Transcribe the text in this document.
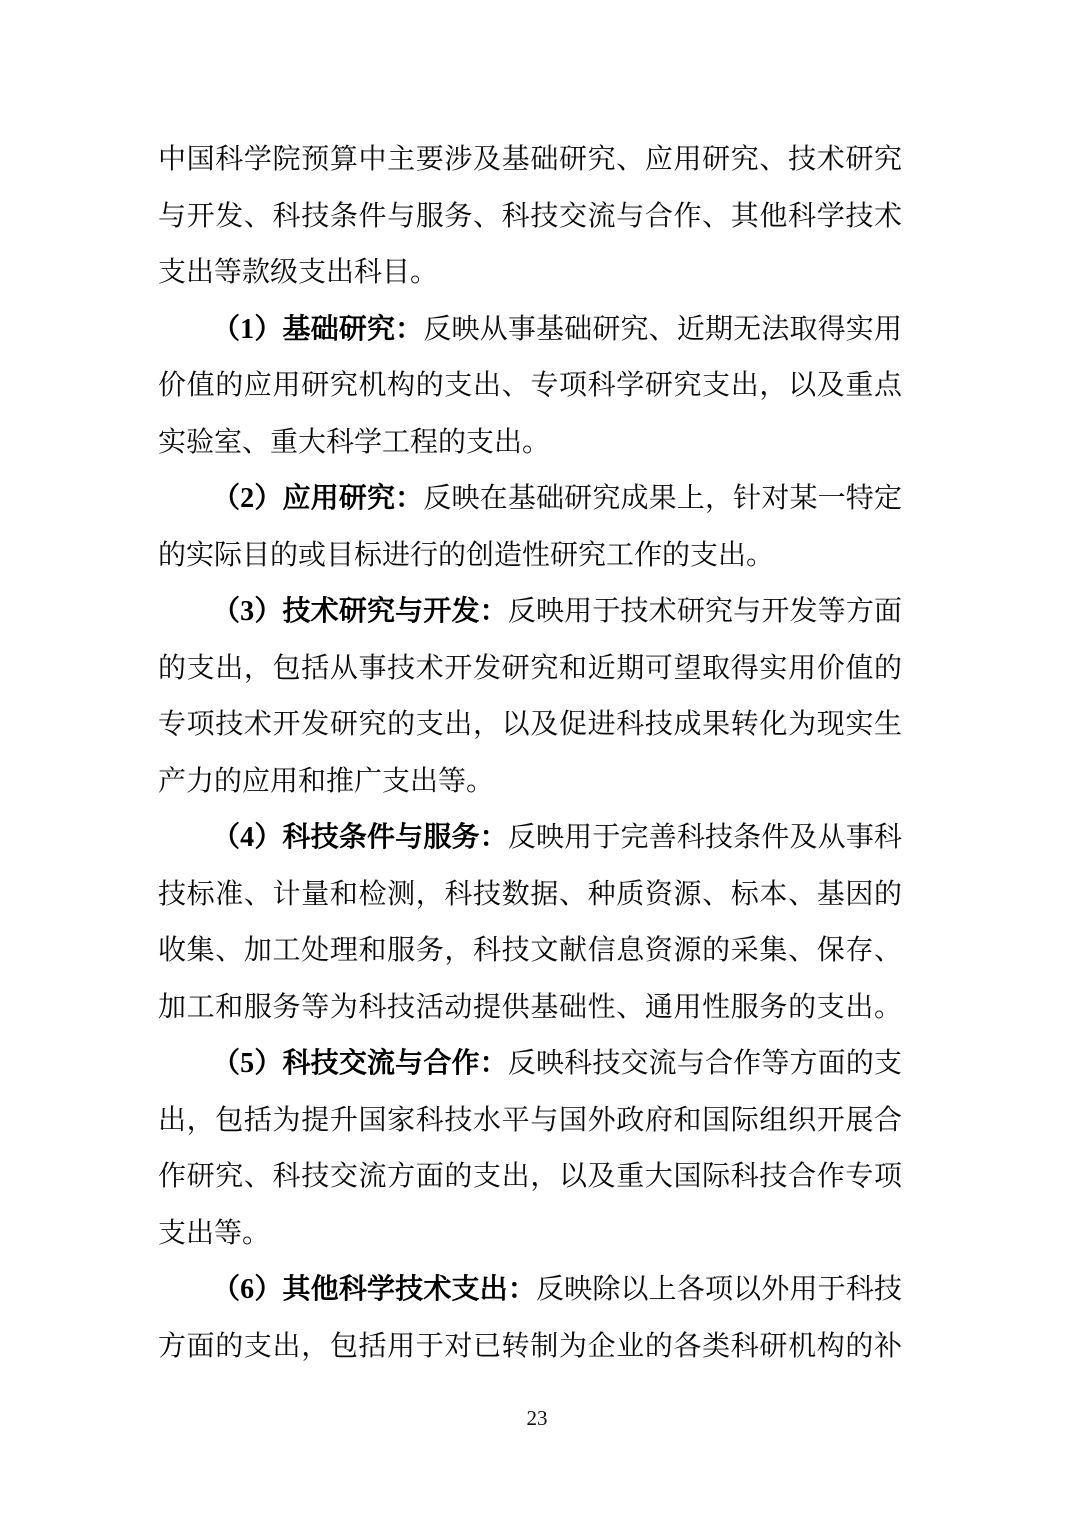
中国科学院预算中主要涉及基础研究、应用研究、技术研究
与开发、科技条件与服务、科技交流与合作、其他科学技术
支出等款级支出科目。
（1）基础研究：反映从事基础研究、近期无法取得实用
价值的应用研究机构的支出、专项科学研究支出，以及重点
实验室、重大科学工程的支出。
（2）应用研究：反映在基础研究成果上，针对某一特定
的实际目的或目标进行的创造性研究工作的支出。
（3）技术研究与开发：反映用于技术研究与开发等方面
的支出，包括从事技术开发研究和近期可望取得实用价值的
专项技术开发研究的支出，以及促进科技成果转化为现实生
产力的应用和推广支出等。
（4）科技条件与服务：反映用于完善科技条件及从事科
技标准、计量和检测，科技数据、种质资源、标本、基因的
收集、加工处理和服务，科技文献信息资源的采集、保存、
加工和服务等为科技活动提供基础性、通用性服务的支出。
（5）科技交流与合作：反映科技交流与合作等方面的支
出，包括为提升国家科技水平与国外政府和国际组织开展合
作研究、科技交流方面的支出，以及重大国际科技合作专项
支出等。
（6）其他科学技术支出：反映除以上各项以外用于科技
方面的支出，包括用于对已转制为企业的各类科研机构的补
23
